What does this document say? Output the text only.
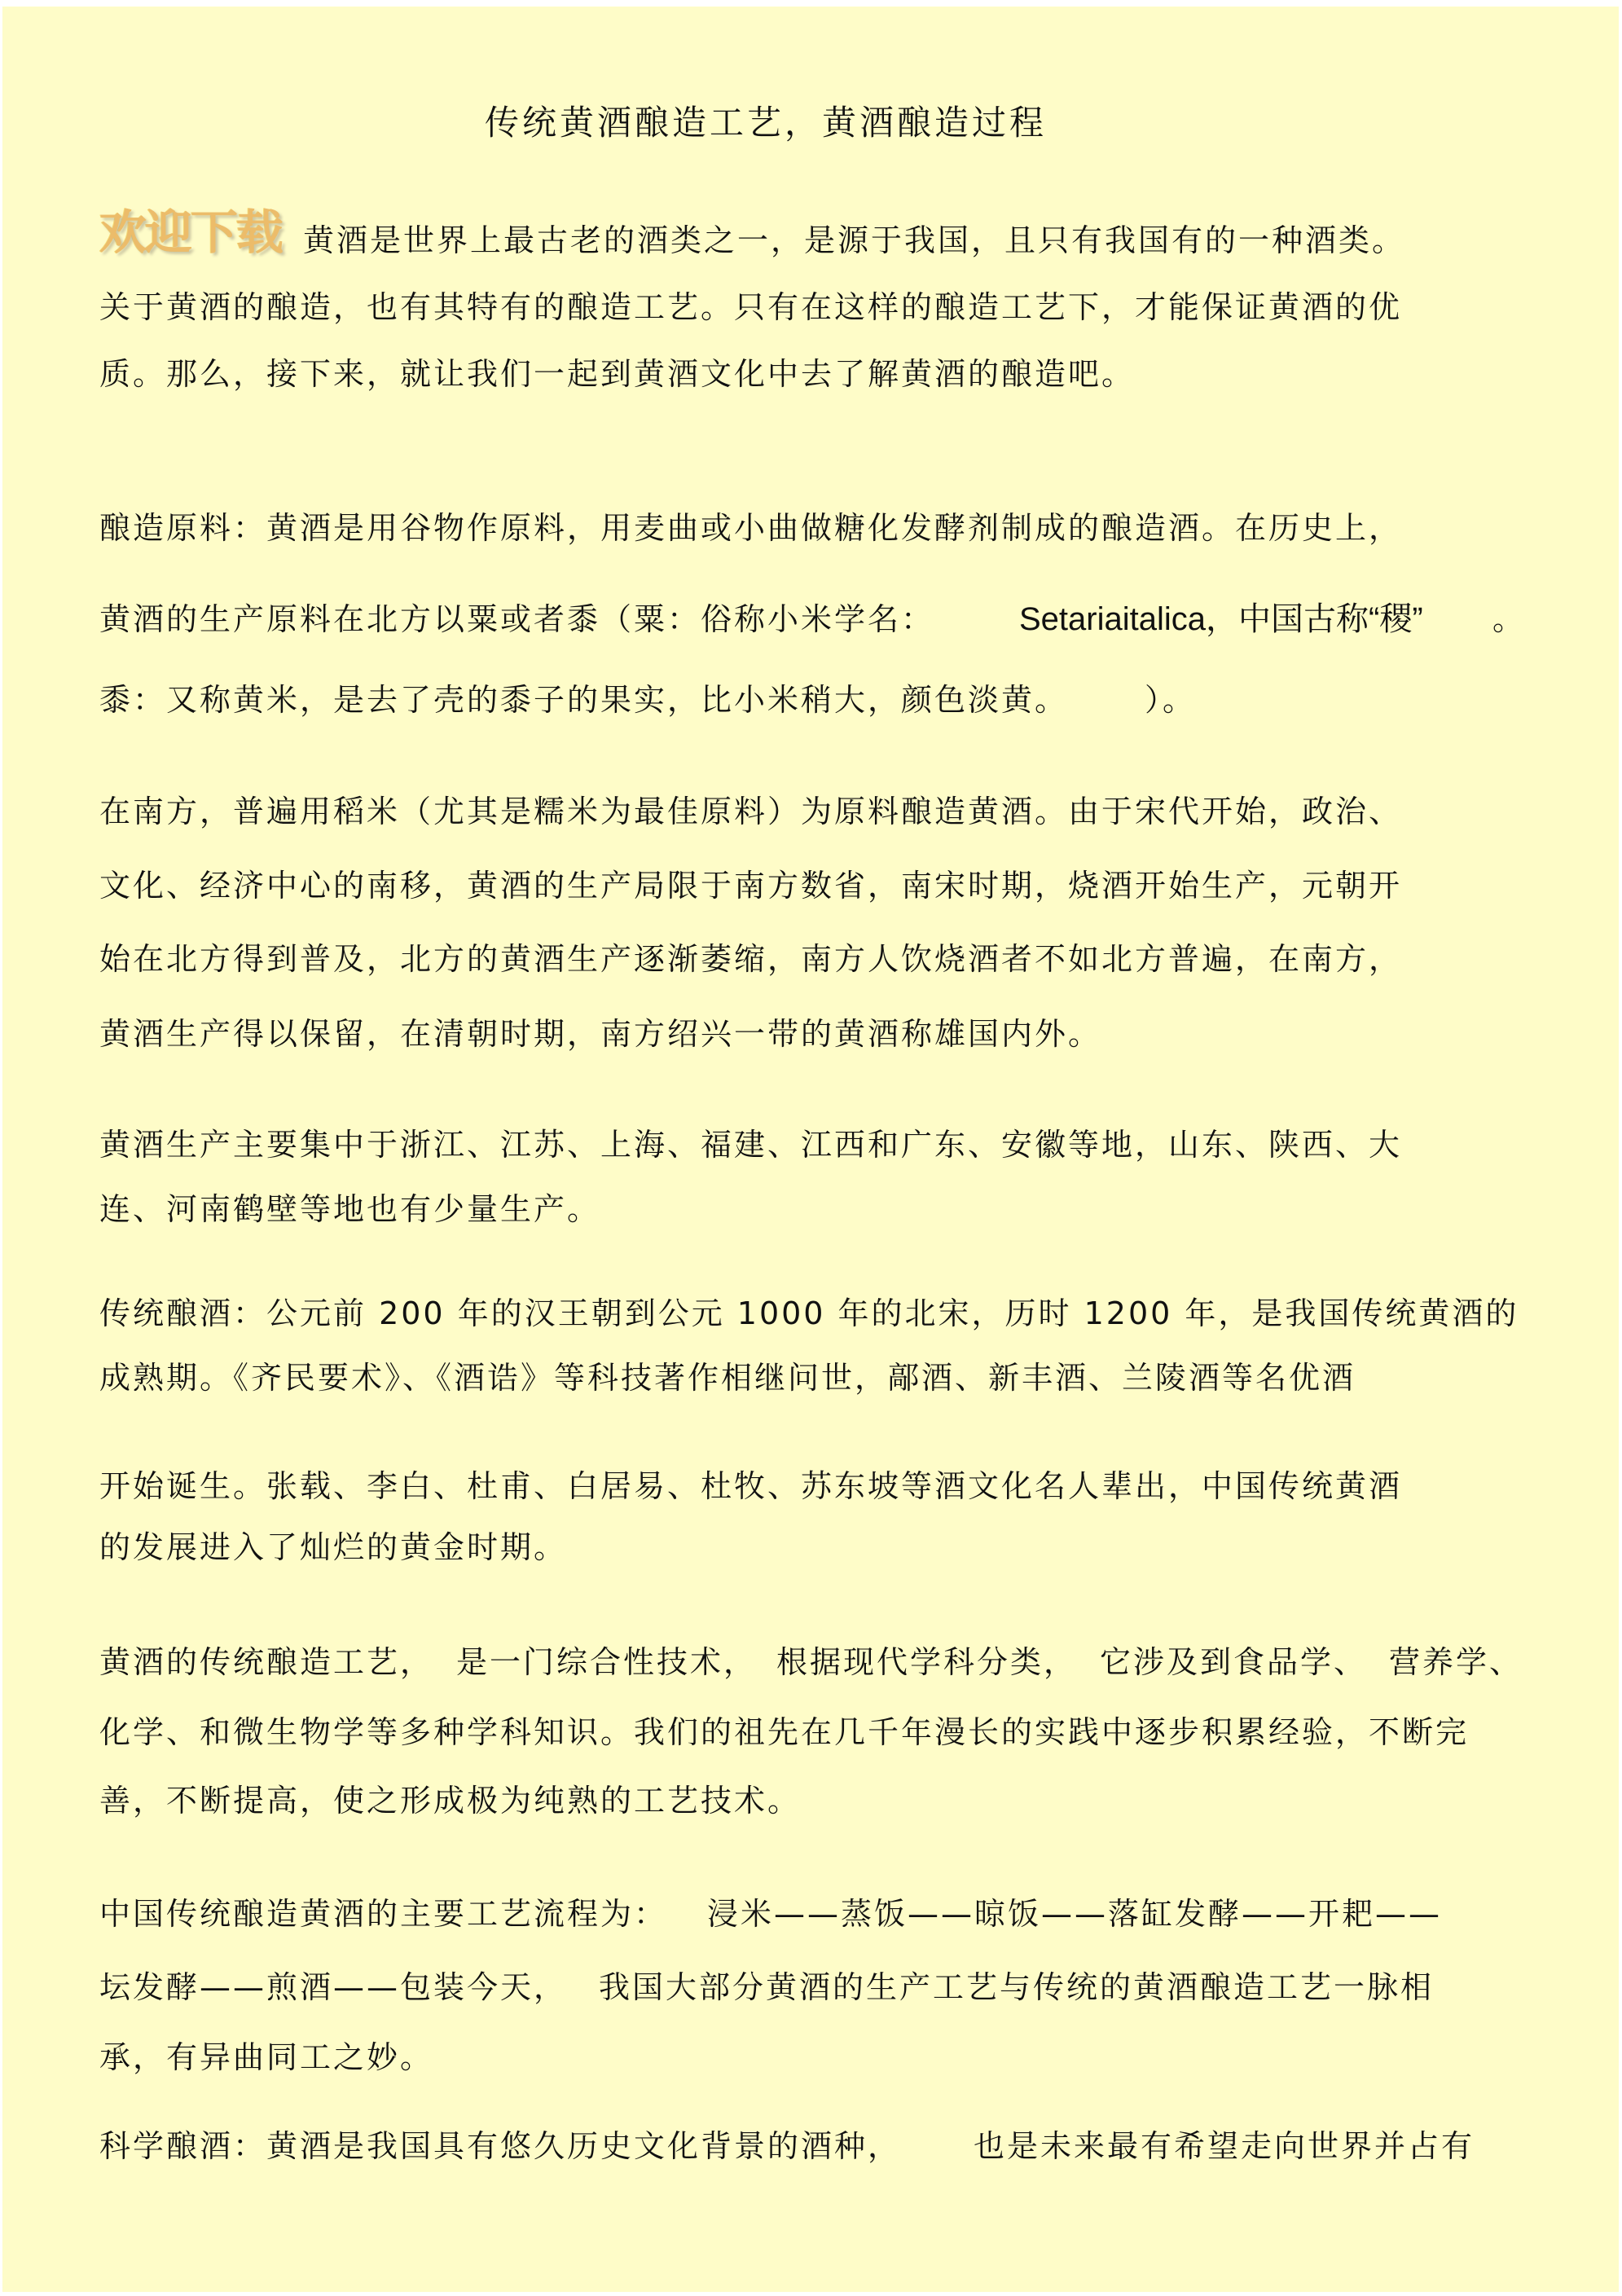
传统黄酒酿造工艺，黄酒酿造过程
欢迎下载 黄酒是世界上最古老的酒类之一，是源于我国，且只有我国有的一种酒类。
关于黄酒的酿造，也有其特有的酿造工艺。只有在这样的酿造工艺下，才能保证黄酒的优
质。那么，接下来，就让我们一起到黄酒文化中去了解黄酒的酿造吧。
酿造原料：黄酒是用谷物作原料，用麦曲或小曲做糖化发酵剂制成的酿造酒。在历史上，
黄酒的生产原料在北方以粟或者黍（粟：俗称小米学名：	Setariaitalica，中国古称“稷” 。
黍：又称黄米，是去了壳的黍子的果实，比小米稍大，颜色淡黄。 ）。
在南方，普遍用稻米（尤其是糯米为最佳原料）为原料酿造黄酒。由于宋代开始，政治、
文化、经济中心的南移，黄酒的生产局限于南方数省，南宋时期，烧酒开始生产，元朝开
始在北方得到普及，北方的黄酒生产逐渐萎缩，南方人饮烧酒者不如北方普遍，在南方，
黄酒生产得以保留，在清朝时期，南方绍兴一带的黄酒称雄国内外。
黄酒生产主要集中于浙江、江苏、上海、福建、江西和广东、安徽等地，山东、陕西、大
连、河南鹤壁等地也有少量生产。
传统酿酒：公元前 200 年的汉王朝到公元 1000 年的北宋，历时 1200 年，是我国传统黄酒的
成熟期。《齐民要术》、《酒诰》等科技著作相继问世，鄗酒、新丰酒、兰陵酒等名优酒
开始诞生。张载、李白、杜甫、白居易、杜牧、苏东坡等酒文化名人辈出，中国传统黄酒
的发展进入了灿烂的黄金时期。
黄酒的传统酿造工艺， 是一门综合性技术， 根据现代学科分类， 它涉及到食品学、 营养学、
化学、和微生物学等多种学科知识。我们的祖先在几千年漫长的实践中逐步积累经验，不断完
善，不断提高，使之形成极为纯熟的工艺技术。
中国传统酿造黄酒的主要工艺流程为： 浸米——蒸饭——晾饭——落缸发酵——开耙——
坛发酵——煎酒——包装今天， 我国大部分黄酒的生产工艺与传统的黄酒酿造工艺一脉相
承，有异曲同工之妙。
科学酿酒：黄酒是我国具有悠久历史文化背景的酒种， 也是未来最有希望走向世界并占有
